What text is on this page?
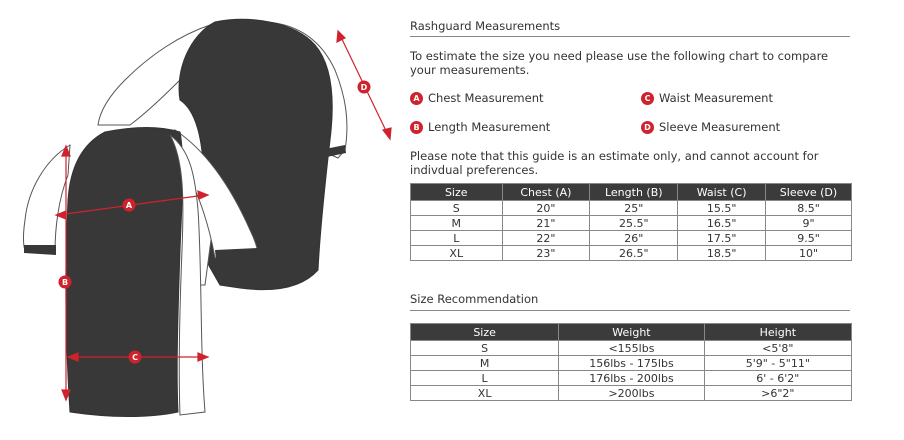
A
B
C
D
Rashguard Measurements
To estimate the size you need please use the following chart to compare your measurements.
A Chest Measurement	C Waist Measurement
B Length Measurement	D Sleeve Measurement
Please note that this guide is an estimate only, and cannot account for indivdual preferences.
Size	Chest (A)	Length (B)	Waist (C)	Sleeve (D)
S	20"	25"	15.5"	8.5"
M	21"	25.5"	16.5"	9"
L	22"	26"	17.5"	9.5"
XL	23"	26.5"	18.5"	10"
Size Recommendation
Size	Weight	Height
S	<155lbs	<5'8"
M	156lbs - 175lbs	5'9" - 5"11"
L	176lbs - 200lbs	6' - 6'2"
XL	>200lbs	>6"2"
